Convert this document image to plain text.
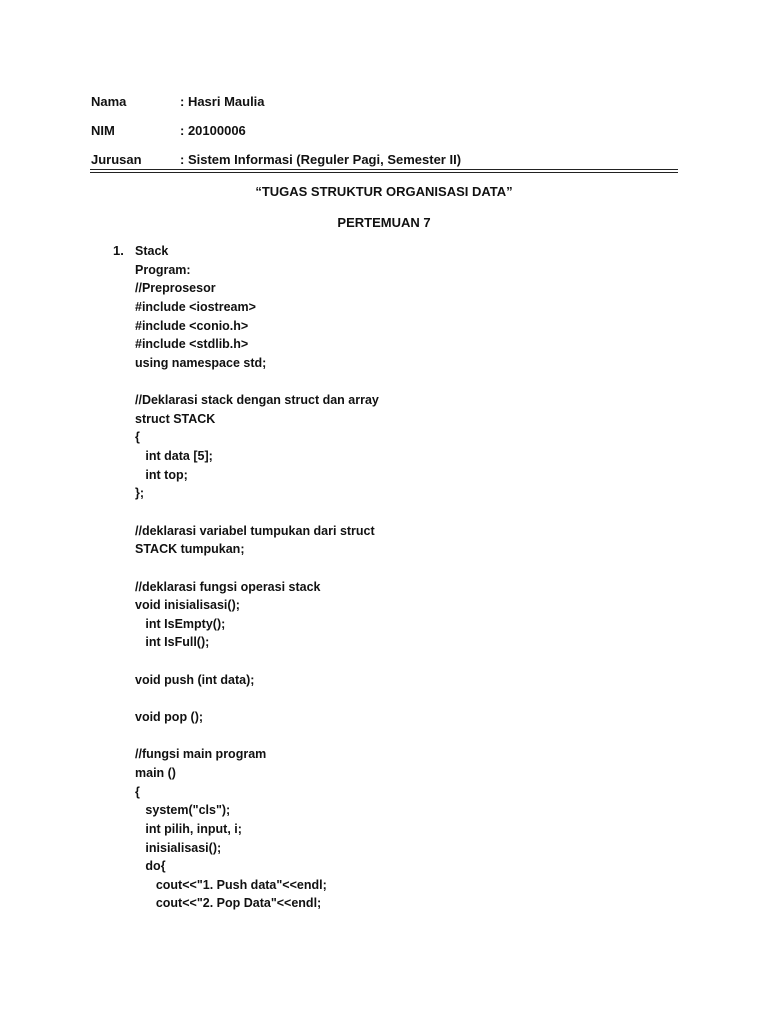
Nama	: Hasri Maulia
NIM	: 20100006
Jurusan	: Sistem Informasi (Reguler Pagi, Semester II)
“TUGAS STRUKTUR ORGANISASI DATA”
PERTEMUAN 7
1. Stack
Program:
//Preprosesor
#include <iostream>
#include <conio.h>
#include <stdlib.h>
using namespace std;
//Deklarasi stack dengan struct dan array
struct STACK
{
int data [5];
int top;
};
//deklarasi variabel tumpukan dari struct
STACK tumpukan;
//deklarasi fungsi operasi stack
void inisialisasi();
int IsEmpty();
int IsFull();
void push (int data);
void pop ();
//fungsi main program
main ()
{
system("cls");
int pilih, input, i;
inisialisasi();
do{
cout<<"1. Push data"<<endl;
cout<<"2. Pop Data"<<endl;
